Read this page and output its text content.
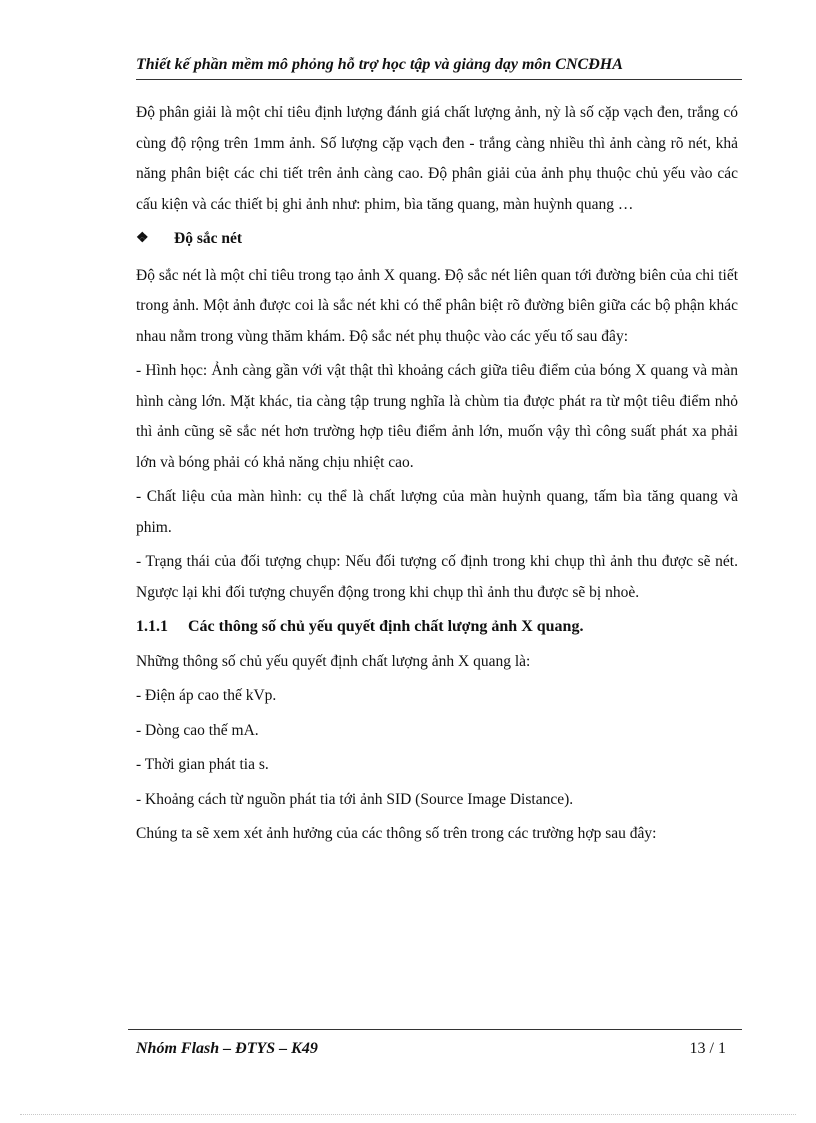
Thiết kế phần mềm mô phỏng hỗ trợ học tập và giảng dạy môn CNCĐHA

Độ phân giải là một chỉ tiêu định lượng đánh giá chất lượng ảnh, nỳ là số cặp vạch đen, trắng có cùng độ rộng trên 1mm ảnh. Số lượng cặp vạch đen - trắng càng nhiều thì ảnh càng rõ nét, khả năng phân biệt các chi tiết trên ảnh càng cao. Độ phân giải của ảnh phụ thuộc chủ yếu vào các cấu kiện và các thiết bị ghi ảnh như: phim, bìa tăng quang, màn huỳnh quang …

❖	Độ sắc nét

Độ sắc nét là một chỉ tiêu trong tạo ảnh X quang. Độ sắc nét liên quan tới đường biên của chi tiết trong ảnh. Một ảnh được coi là sắc nét khi có thể phân biệt rõ đường biên giữa các bộ phận khác nhau nằm trong vùng thăm khám. Độ sắc nét phụ thuộc vào các yếu tố sau đây:

- Hình học: Ảnh càng gần với vật thật thì khoảng cách giữa tiêu điểm của bóng X quang và màn hình càng lớn. Mặt khác, tia càng tập trung nghĩa là chùm tia được phát ra từ một tiêu điểm nhỏ thì ảnh cũng sẽ sắc nét hơn trường hợp tiêu điểm ảnh lớn, muốn vậy thì công suất phát xa phải lớn và bóng phải có khả năng chịu nhiệt cao.

- Chất liệu của màn hình: cụ thể là chất lượng của màn huỳnh quang, tấm bìa tăng quang và phim.

- Trạng thái của đối tượng chụp: Nếu đối tượng cố định trong khi chụp thì ảnh thu được sẽ nét. Ngược lại khi đối tượng chuyển động trong khi chụp thì ảnh thu được sẽ bị nhoè.

1.1.1	Các thông số chủ yếu quyết định chất lượng ảnh X quang.

Những thông số chủ yếu quyết định chất lượng ảnh X quang là:

- Điện áp cao thế kVp.

- Dòng cao thế mA.

- Thời gian phát tia s.

- Khoảng cách từ nguồn phát tia tới ảnh SID (Source Image Distance).

Chúng ta sẽ xem xét ảnh hưởng của các thông số trên trong các trường hợp sau đây:

Nhóm Flash – ĐTYS – K49	13 / 1
